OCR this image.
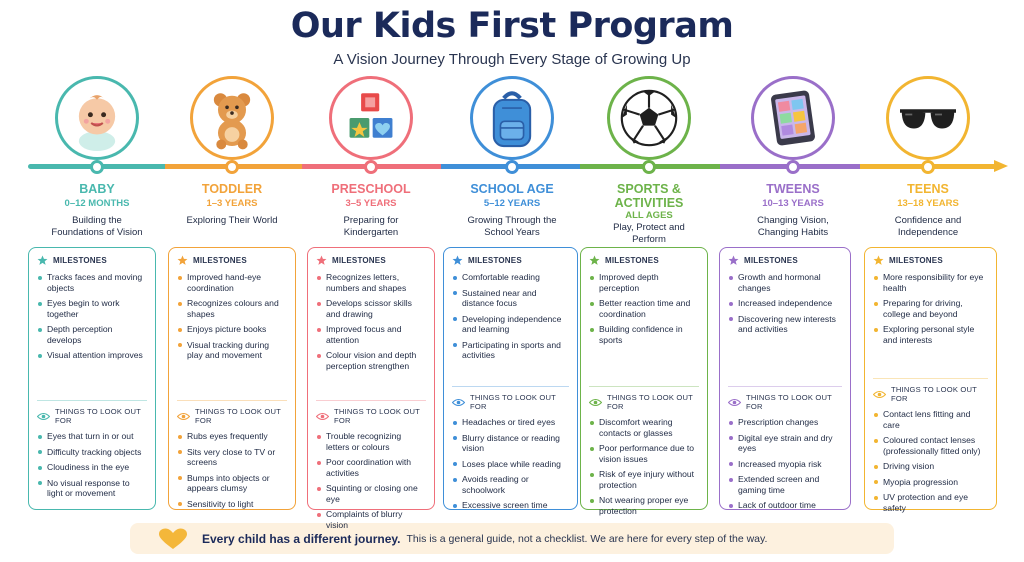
Our Kids First Program
A Vision Journey Through Every Stage of Growing Up
BABY
0–12 MONTHS
Building the Foundations of Vision
TODDLER
1–3 YEARS
Exploring Their World
PRESCHOOL
3–5 YEARS
Preparing for Kindergarten
SCHOOL AGE
5–12 YEARS
Growing Through the School Years
SPORTS & ACTIVITIES
ALL AGES
Play, Protect and Perform
TWEENS
10–13 YEARS
Changing Vision, Changing Habits
TEENS
13–18 YEARS
Confidence and Independence
Every child has a different journey. This is a general guide, not a checklist. We are here for every step of the way.
MILESTONES
Tracks faces and moving objects
Eyes begin to work together
Depth perception develops
Visual attention improves
THINGS TO LOOK OUT FOR
Eyes that turn in or out
Difficulty tracking objects
Cloudiness in the eye
No visual response to light or movement
MILESTONES
Improved hand-eye coordination
Recognizes colours and shapes
Enjoys picture books
Visual tracking during play and movement
THINGS TO LOOK OUT FOR
Rubs eyes frequently
Sits very close to TV or screens
Bumps into objects or appears clumsy
Sensitivity to light
MILESTONES
Recognizes letters, numbers and shapes
Develops scissor skills and drawing
Improved focus and attention
Colour vision and depth perception strengthen
THINGS TO LOOK OUT FOR
Trouble recognizing letters or colours
Poor coordination with activities
Squinting or closing one eye
Complaints of blurry vision
MILESTONES
Comfortable reading
Sustained near and distance focus
Developing independence and learning
Participating in sports and activities
THINGS TO LOOK OUT FOR
Headaches or tired eyes
Blurry distance or reading vision
Loses place while reading
Avoids reading or schoolwork
Excessive screen time
MILESTONES
Improved depth perception
Better reaction time and coordination
Building confidence in sports
THINGS TO LOOK OUT FOR
Discomfort wearing contacts or glasses
Poor performance due to vision issues
Risk of eye injury without protection
Not wearing proper eye protection
MILESTONES
Growth and hormonal changes
Increased independence
Discovering new interests and activities
THINGS TO LOOK OUT FOR
Prescription changes
Digital eye strain and dry eyes
Increased myopia risk
Extended screen and gaming time
Lack of outdoor time
MILESTONES
More responsibility for eye health
Preparing for driving, college and beyond
Exploring personal style and interests
THINGS TO LOOK OUT FOR
Contact lens fitting and care
Coloured contact lenses (professionally fitted only)
Driving vision
Myopia progression
UV protection and eye safety
